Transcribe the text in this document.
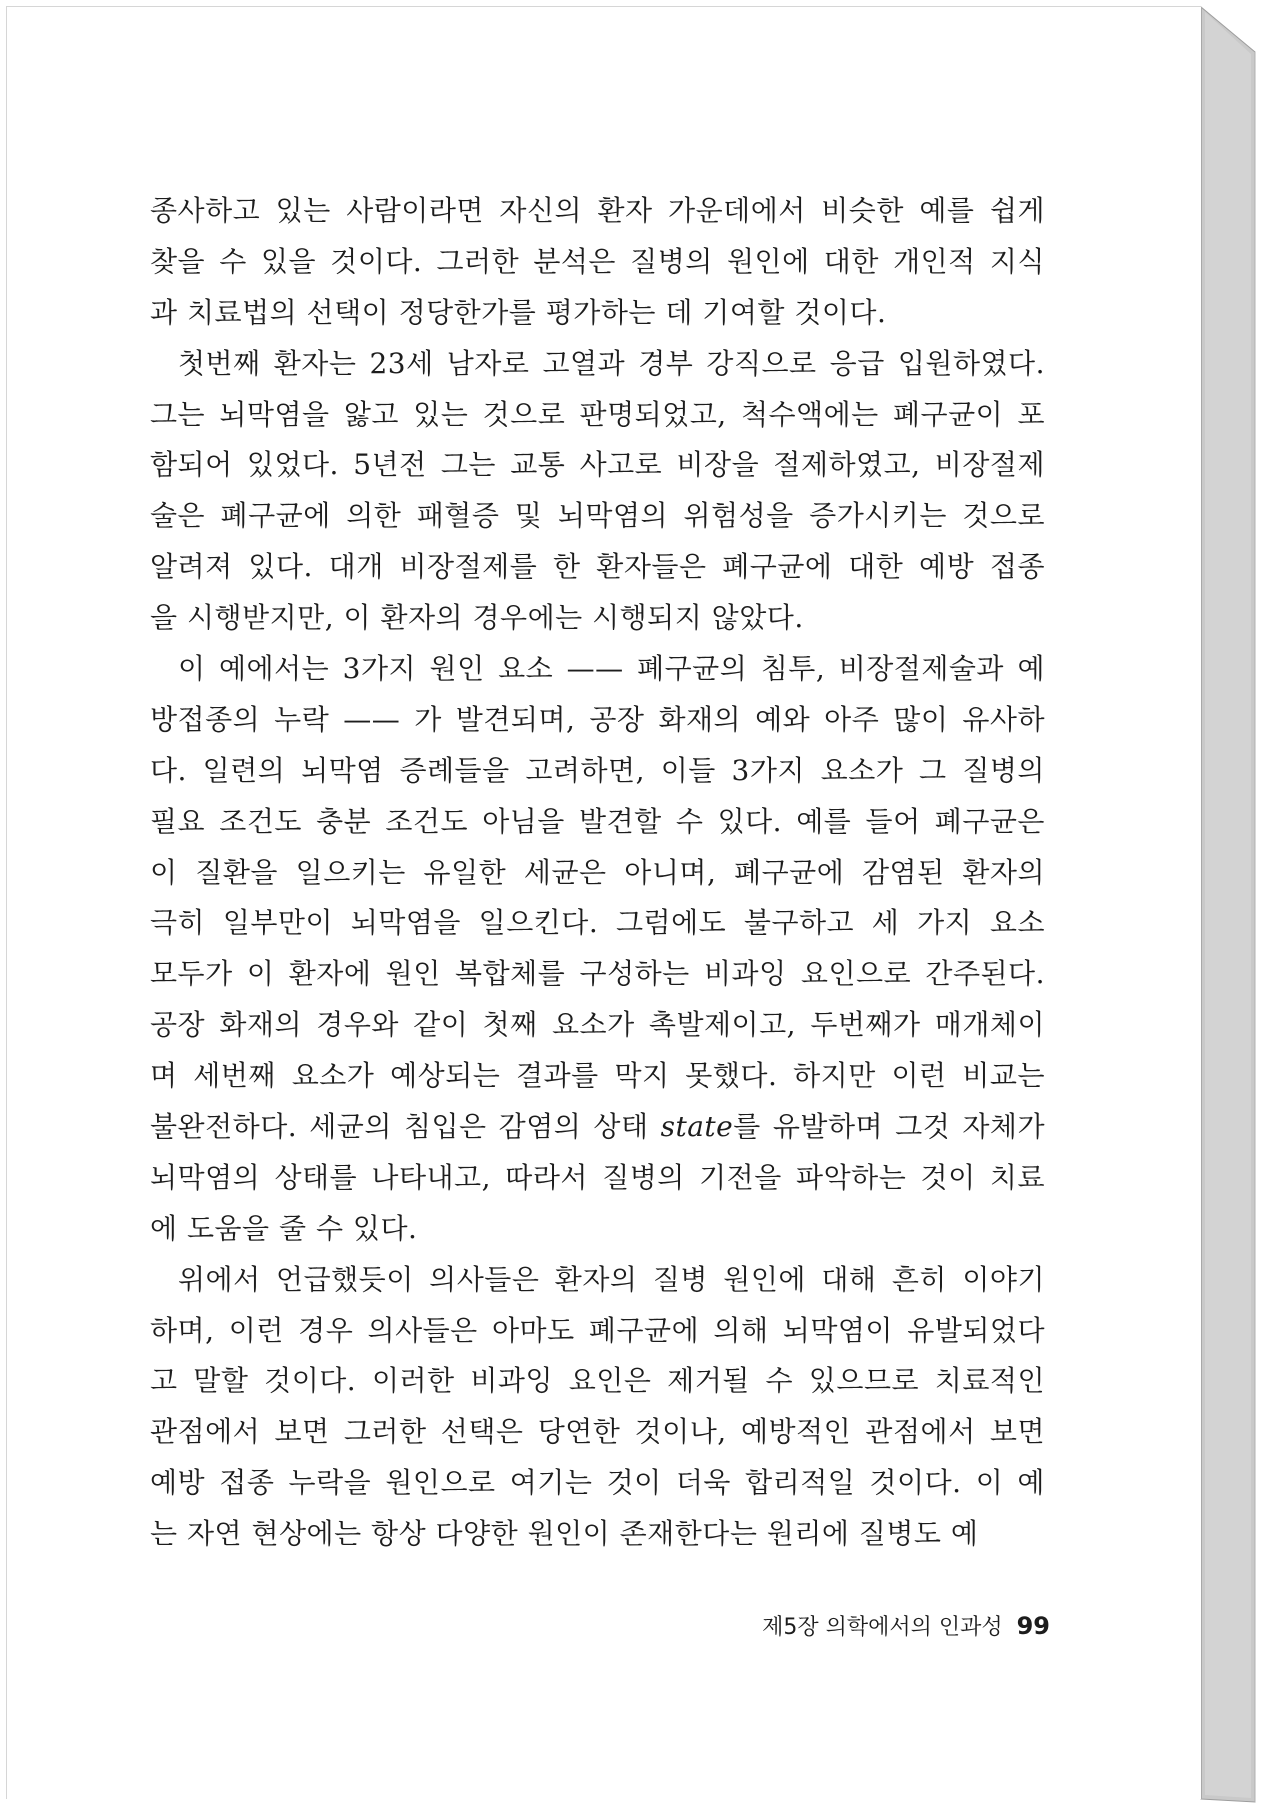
종사하고 있는 사람이라면 자신의 환자 가운데에서 비슷한 예를 쉽게
찾을 수 있을 것이다. 그러한 분석은 질병의 원인에 대한 개인적 지식
과 치료법의 선택이 정당한가를 평가하는 데 기여할 것이다.
첫번째 환자는 23세 남자로 고열과 경부 강직으로 응급 입원하였다.
그는 뇌막염을 앓고 있는 것으로 판명되었고, 척수액에는 폐구균이 포
함되어 있었다. 5년전 그는 교통 사고로 비장을 절제하였고, 비장절제
술은 폐구균에 의한 패혈증 및 뇌막염의 위험성을 증가시키는 것으로
알려져 있다. 대개 비장절제를 한 환자들은 폐구균에 대한 예방 접종
을 시행받지만, 이 환자의 경우에는 시행되지 않았다.
이 예에서는 3가지 원인 요소 —— 폐구균의 침투, 비장절제술과 예
방접종의 누락 —— 가 발견되며, 공장 화재의 예와 아주 많이 유사하
다. 일련의 뇌막염 증례들을 고려하면, 이들 3가지 요소가 그 질병의
필요 조건도 충분 조건도 아님을 발견할 수 있다. 예를 들어 폐구균은
이 질환을 일으키는 유일한 세균은 아니며, 폐구균에 감염된 환자의
극히 일부만이 뇌막염을 일으킨다. 그럼에도 불구하고 세 가지 요소
모두가 이 환자에 원인 복합체를 구성하는 비과잉 요인으로 간주된다.
공장 화재의 경우와 같이 첫째 요소가 촉발제이고, 두번째가 매개체이
며 세번째 요소가 예상되는 결과를 막지 못했다. 하지만 이런 비교는
불완전하다. 세균의 침입은 감염의 상태 state를 유발하며 그것 자체가
뇌막염의 상태를 나타내고, 따라서 질병의 기전을 파악하는 것이 치료
에 도움을 줄 수 있다.
위에서 언급했듯이 의사들은 환자의 질병 원인에 대해 흔히 이야기
하며, 이런 경우 의사들은 아마도 폐구균에 의해 뇌막염이 유발되었다
고 말할 것이다. 이러한 비과잉 요인은 제거될 수 있으므로 치료적인
관점에서 보면 그러한 선택은 당연한 것이나, 예방적인 관점에서 보면
예방 접종 누락을 원인으로 여기는 것이 더욱 합리적일 것이다. 이 예
는 자연 현상에는 항상 다양한 원인이 존재한다는 원리에 질병도 예
제5장 의학에서의 인과성 99
